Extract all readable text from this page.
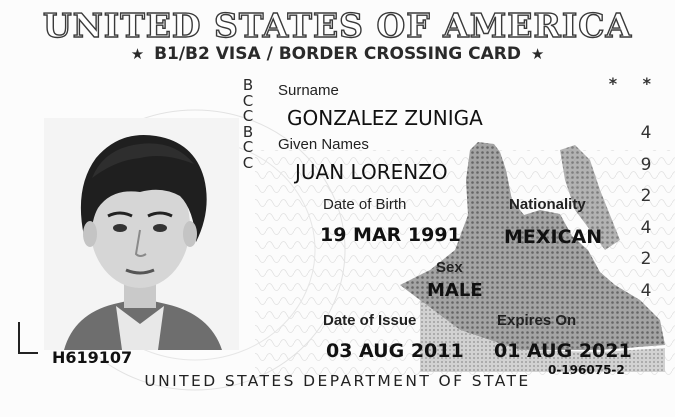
UNITED STATES OF AMERICA
★ B1/B2 VISA / BORDER CROSSING CARD ★
* *
B
C
C
B
C
C
4
9
2
4
2
4
Surname
GONZALEZ ZUNIGA
Given Names
JUAN LORENZO
Date of Birth
19 MAR 1991
Nationality
MEXICAN
Sex
MALE
Date of Issue
03 AUG 2011
Expires On
01 AUG 2021
H619107
0-196075-2
UNITED STATES DEPARTMENT OF STATE
